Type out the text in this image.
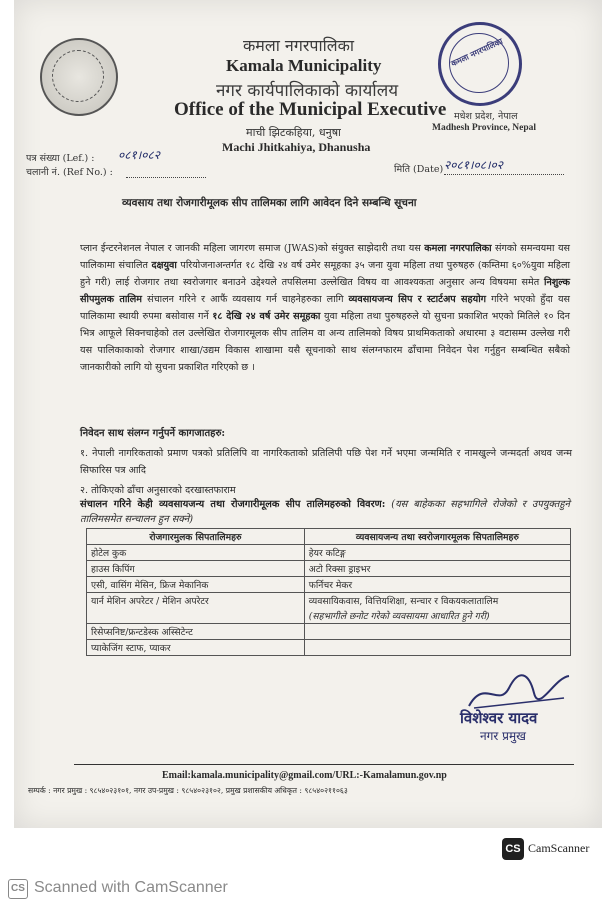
कमला नगरपालिका
कमला नगरपालिका
Kamala Municipality
नगर कार्यपालिकाको कार्यालय
Office of the Municipal Executive
माची झिटकहिया, धनुषा
Machi Jhitkahiya, Dhanusha
मधेश प्रदेश, नेपाल
Madhesh Province, Nepal
पत्र संख्या (Lef.) : ०८१।०८२
चलानी नं. (Ref No.) :	मिति (Date) २०८१।०८।०२
व्यवसाय तथा रोजगारीमूलक सीप तालिमका लागि आवेदन दिने सम्बन्धि सूचना
प्लान ईन्टरनेशनल नेपाल र जानकी महिला जागरण समाज (JWAS)को संयुक्त साझेदारी तथा यस कमला नगरपालिका संगको समन्वयमा यस पालिकामा संचालित दक्षयुवा परियोजनाअन्तर्गत १८ देखि २४ वर्ष उमेर समूहका ३५ जना युवा महिला तथा पुरुषहरु (कम्तिमा ६०%युवा महिला हुने गरी) लाई रोजगार तथा स्वरोजगार बनाउने उद्देश्यले तपसिलमा उल्लेखित विषय वा आवश्यकता अनुसार अन्य विषयमा समेत निशुल्क सीपमुलक तालिम संचालन गरिने र आफैं व्यवसाय गर्न चाहनेहरुका लागि व्यवसायजन्य सिप र स्टार्टअप सहयोग गरिने भएकाे हुँदा यस पालिकामा स्थायी रुपमा बसोवास गर्ने १८ देखि २४ वर्ष उमेर समूहका युवा महिला तथा पुरुषहरुले यो सुचना प्रकाशित भएको मितिले १० दिन भित्र आफूले सिक्नचाहेको तल उल्लेखित रोजगारमूलक सीप तालिम वा अन्य तालिमको विषय प्राथमिकताको अधारमा ३ वटासम्म उल्लेख गरी यस पालिकाकाको रोजगार शाखा/उद्यम विकास शाखामा यसै सूचनाको साथ संलग्नफारम ढाँचामा निवेदन पेश गर्नुहुन सम्बन्धित सबैको जानकारीको लागि यो सुचना प्रकाशित गरिएको छ ।
निवेदन साथ संलग्न गर्नुपर्ने कागजातहरु:
१. नेपाली नागरिकताको प्रमाण पत्रको प्रतिलिपि वा नागरिकताको प्रतिलिपी पछि पेश गर्ने भएमा जन्ममिति र नामखुल्ने जन्मदर्ता अथव जन्म सिफारिस पत्र आदि
२. तोकिएको ढाँचा अनुसारको दरखास्तफाराम
संचालन गरिने केही व्यवसायजन्य तथा रोजगारीमूलक सीप तालिमहरुको विवरण: (यस बाहेकका सहभागिले रोजेको र उपयुक्तहुने तालिमसमेत सन्चालन हुन सक्ने)
रोजगारमुलक सिपतालिमहरु	व्यवसायजन्य तथा स्वरोजगारमूलक सिपतालिमहरु
होटेल कुक	हेयर कटिङ्ग
हाउस किपिंग	अटो रिक्सा ड्राइभर
एसी, वासिंग मेसिन, फ्रिज मेकानिक	फर्निचर मेकर
यार्न मेशिन अपरेटर / मेशिन अपरेटर	व्यवसायिकवास, वित्तियशिक्षा, सन्चार र विकयकलातालिम
	(सहभागीले छनोट गरेको व्यवसायमा आधारित हुने गरी)
रिसेप्सनिष्ट/फ्रन्टडेस्क अस्सिटेन्ट	
प्याकेजिंग स्टाफ, प्याकर	
विशेश्वर यादव
नगर प्रमुख
Email:kamala.municipality@gmail.com/URL:-Kamalamun.gov.np
सम्पर्क : नगर प्रमुख : ९८५४०२३१०१, नगर उप-प्रमुख : ९८५४०२३१०२, प्रमुख प्रशासकीय अधिकृत : ९८५४०२११०६३
CS CamScanner
CS Scanned with CamScanner
